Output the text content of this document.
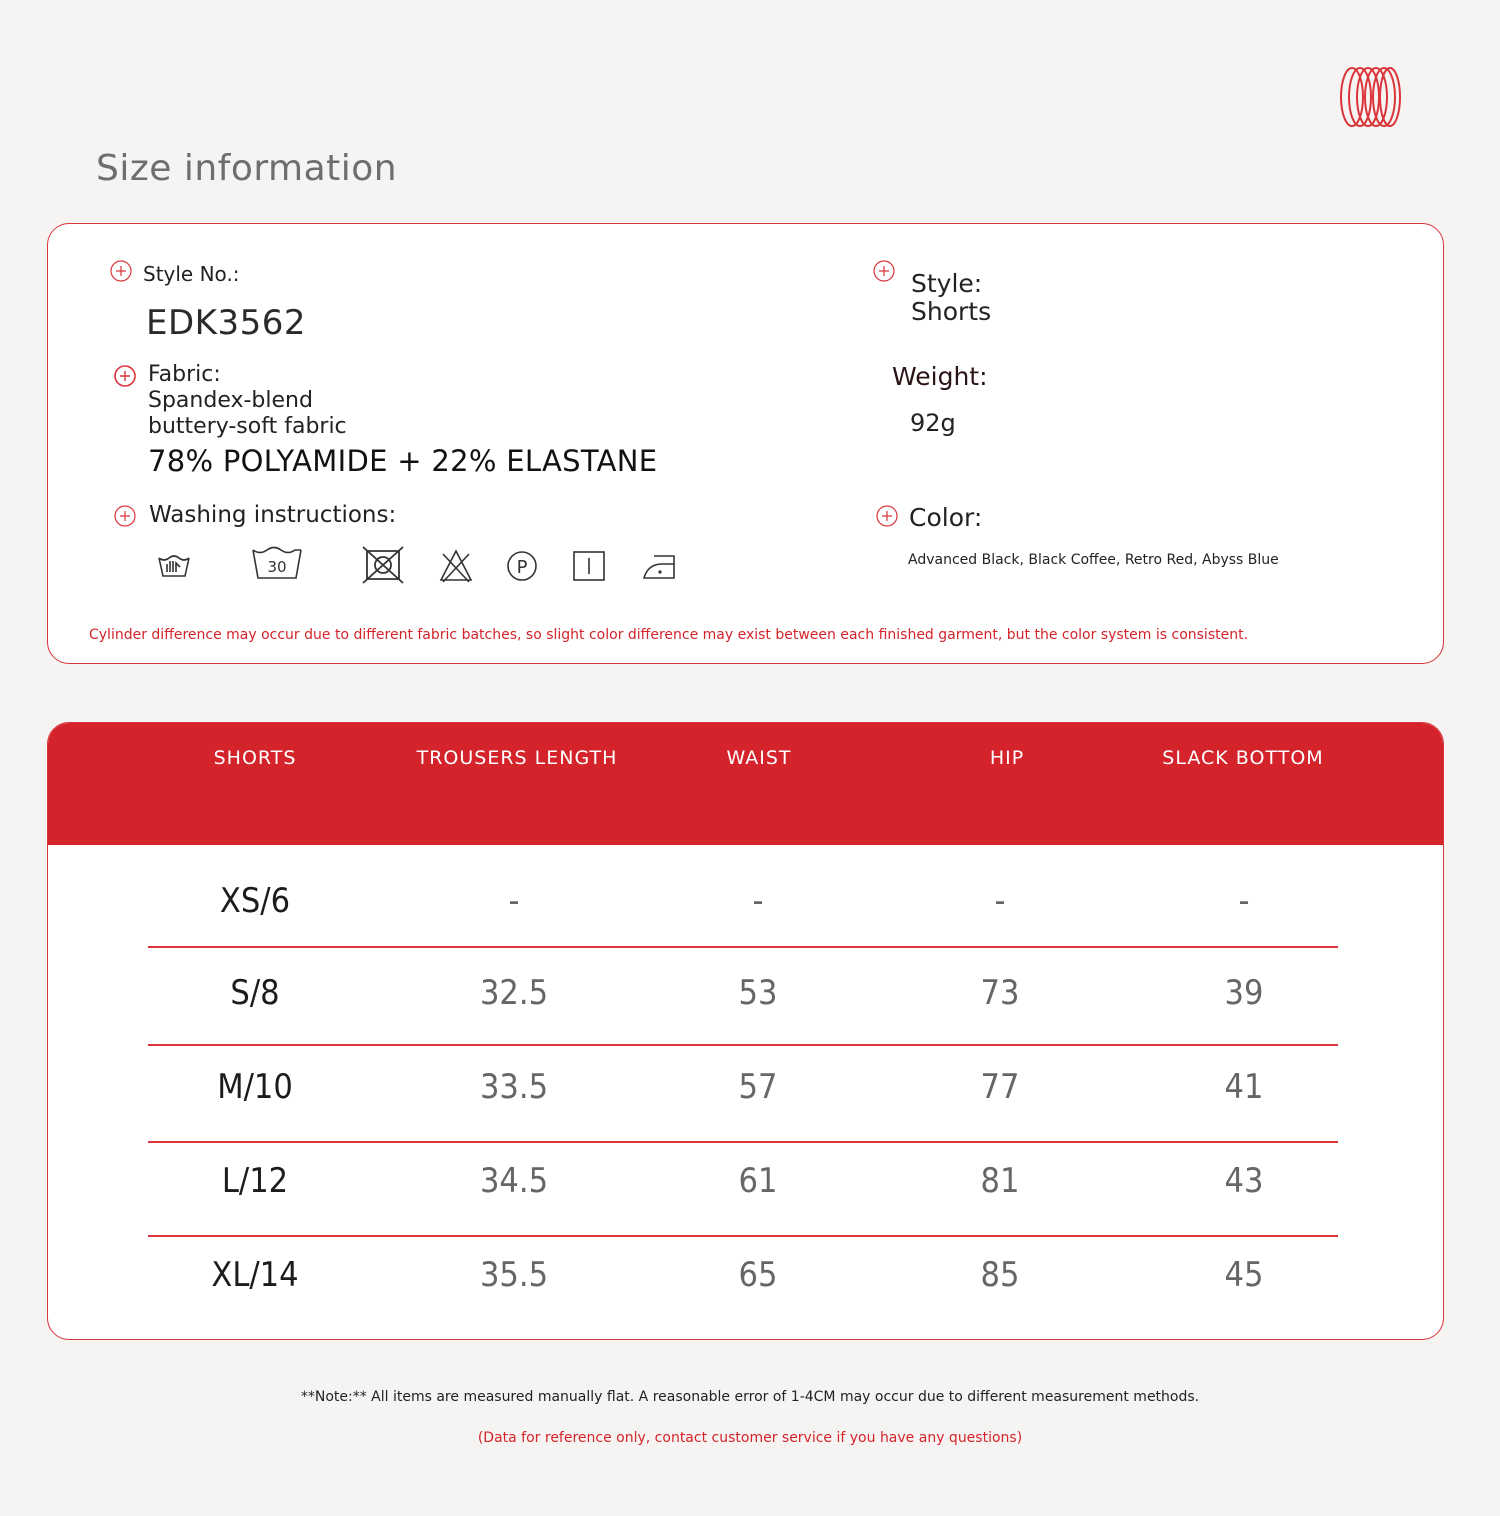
Size information
Style No.:
EDK3562
Fabric:
Spandex-blend
buttery-soft fabric
78% POLYAMIDE + 22% ELASTANE
Washing instructions:
30	P
Style:
Shorts
Weight:
92g
Color:
Advanced Black, Black Coffee, Retro Red, Abyss Blue
Cylinder difference may occur due to different fabric batches, so slight color difference may exist between each finished garment, but the color system is consistent.
SHORTS	TROUSERS LENGTH	WAIST	HIP	SLACK BOTTOM
XS/6	-	-	-	-
S/8	32.5	53	73	39
M/10	33.5	57	77	41
L/12	34.5	61	81	43
XL/14	35.5	65	85	45
**Note:** All items are measured manually flat. A reasonable error of 1-4CM may occur due to different measurement methods.
(Data for reference only, contact customer service if you have any questions)
